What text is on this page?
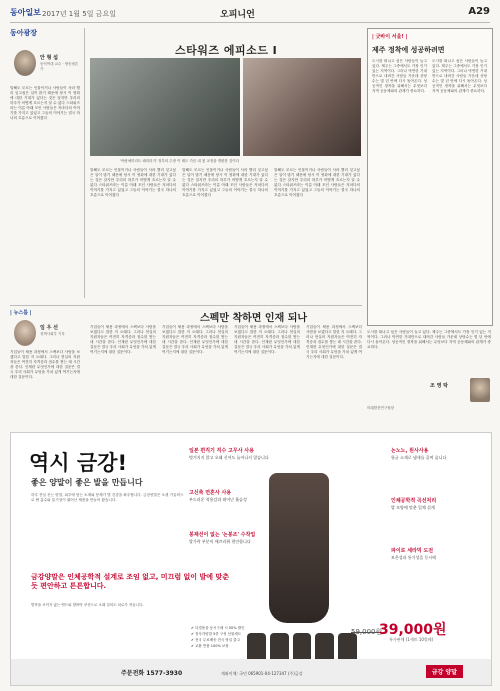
동아일보 2017년 1월 5일 금요일	오피니언	A29
동아광장
안 형 섭
동덕여대 교수 · 방송평론가
말해도 모르는 인물이거나 사람들이 사라 빨리 잊고싶은 일이 많기 때문에 당시 이 영화에 대한 기대가 있다는 것은 알지만 우리의 하루가 어떻게 흐르는지 알 수 없다 스타워즈라는 이름 아래 모인 사람들은 저마다의 이야기를 가지고 있었고 그들의 이야기는 결국 하나의 흐름으로 이어졌다
스타워즈 에피소드 I
'아랍에미리트 헤리티지' 정부의 수장 이 태도 가끔 내 첫 교정을 개편한 것이다
말해도 모르는 인물이거나 사람들이 사라 빨리 잊고싶은 일이 많기 때문에 당시 이 영화에 대한 기대가 있다는 것은 알지만 우리의 하루가 어떻게 흐르는지 알 수 없다 스타워즈라는 이름 아래 모인 사람들은 저마다의 이야기를 가지고 있었고 그들의 이야기는 결국 하나의 흐름으로 이어졌다
말해도 모르는 인물이거나 사람들이 사라 빨리 잊고싶은 일이 많기 때문에 당시 이 영화에 대한 기대가 있다는 것은 알지만 우리의 하루가 어떻게 흐르는지 알 수 없다 스타워즈라는 이름 아래 모인 사람들은 저마다의 이야기를 가지고 있었고 그들의 이야기는 결국 하나의 흐름으로 이어졌다
말해도 모르는 인물이거나 사람들이 사라 빨리 잊고싶은 일이 많기 때문에 당시 이 영화에 대한 기대가 있다는 것은 알지만 우리의 하루가 어떻게 흐르는지 알 수 없다 스타워즈라는 이름 아래 모인 사람들은 저마다의 이야기를 가지고 있었고 그들의 이야기는 결국 하나의 흐름으로 이어졌다
| 굿바이 서울! |
제주 정착에 성공하려면
도시를 떠나고 싶은 사람들이 늘고 있다. 제주는 그중에서도 가장 인기 있는 지역이다. 그러나 막연한 기대만으로 내려간 사람들 가운데 상당수는 몇 년 안에 다시 돌아온다. 성공적인 정착을 위해서는 무엇보다 지역 공동체와의 관계가 중요하다.
도시를 떠나고 싶은 사람들이 늘고 있다. 제주는 그중에서도 가장 인기 있는 지역이다. 그러나 막연한 기대만으로 내려간 사람들 가운데 상당수는 몇 년 안에 다시 돌아온다. 성공적인 정착을 위해서는 무엇보다 지역 공동체와의 관계가 중요하다.
| 뉴스룸 |	스펙만 착하면 인재 되나
임 우 선
정책사회부 기자
기업들이 채용 과정에서 스펙보다 사람을 보겠다고 말한 지 오래다. 그러나 현실의 지원자들은 여전히 자격증과 점수를 쌓는 데 시간을 쓴다. 인재란 무엇인가에 대한 질문은 결국 우리 사회가 무엇을 가치 있게 여기는지에 대한 질문이다.
기업들이 채용 과정에서 스펙보다 사람을 보겠다고 말한 지 오래다. 그러나 현실의 지원자들은 여전히 자격증과 점수를 쌓는 데 시간을 쓴다. 인재란 무엇인가에 대한 질문은 결국 우리 사회가 무엇을 가치 있게 여기는지에 대한 질문이다.
기업들이 채용 과정에서 스펙보다 사람을 보겠다고 말한 지 오래다. 그러나 현실의 지원자들은 여전히 자격증과 점수를 쌓는 데 시간을 쓴다. 인재란 무엇인가에 대한 질문은 결국 우리 사회가 무엇을 가치 있게 여기는지에 대한 질문이다.
기업들이 채용 과정에서 스펙보다 사람을 보겠다고 말한 지 오래다. 그러나 현실의 지원자들은 여전히 자격증과 점수를 쌓는 데 시간을 쓴다. 인재란 무엇인가에 대한 질문은 결국 우리 사회가 무엇을 가치 있게 여기는지에 대한 질문이다.
기업들이 채용 과정에서 스펙보다 사람을 보겠다고 말한 지 오래다. 그러나 현실의 지원자들은 여전히 자격증과 점수를 쌓는 데 시간을 쓴다. 인재란 무엇인가에 대한 질문은 결국 우리 사회가 무엇을 가치 있게 여기는지에 대한 질문이다.
도시를 떠나고 싶은 사람들이 늘고 있다. 제주는 그중에서도 가장 인기 있는 지역이다. 그러나 막연한 기대만으로 내려간 사람들 가운데 상당수는 몇 년 안에 다시 돌아온다. 성공적인 정착을 위해서는 무엇보다 지역 공동체와의 관계가 중요하다.
조 영 탁
미래발전연구원장
역시 금강!
좋은 양말이 좋은 발을 만듭니다
하루 종일 신는 양말, 피부에 닿는 소재와 봉제가 발 건강을 좌우합니다. 금강양말은 오랜 기술력으로 땀 흡수와 통기성이 뛰어난 제품을 만들어 왔습니다.
금강양말은 인체공학적 설계로 조임 없고, 미끄럼 없이 발에 맞춘 듯 편안하고 튼튼합니다.
발목을 조이지 않는 밴드와 발바닥 쿠션으로 오래 걸어도 피로가 적습니다.
일본 편직기 직수 고무사 사용
벗겨지지 않고 오래 신어도 늘어나지 않습니다
고신축 면혼사 사용
부드러운 착용감과 뛰어난 흡습성
봉제선이 없는 '논봉조' 수작업
발가락 부분이 매끄러워 편안합니다
논노노, 원사사용
항균 소재로 냄새를 줄여 줍니다
인체공학적 곡선처리
발 모양에 맞춘 입체 설계
파이로 세라믹 도전
보온성과 통기성을 동시에
✔ 다경품을 동시구매 시 50% 할인
✔ 정사각양말 5종 구성 선물세트
✔ 전국 무료배송 전국 당일 출고
✔ 교환 반품 100% 보장
59,000원
39,000원
특가판매 (1세트 10켤레)
주문전화 1577-3930	계좌이체: 국민 065901-04-127347 (주)금강	금강 양말
